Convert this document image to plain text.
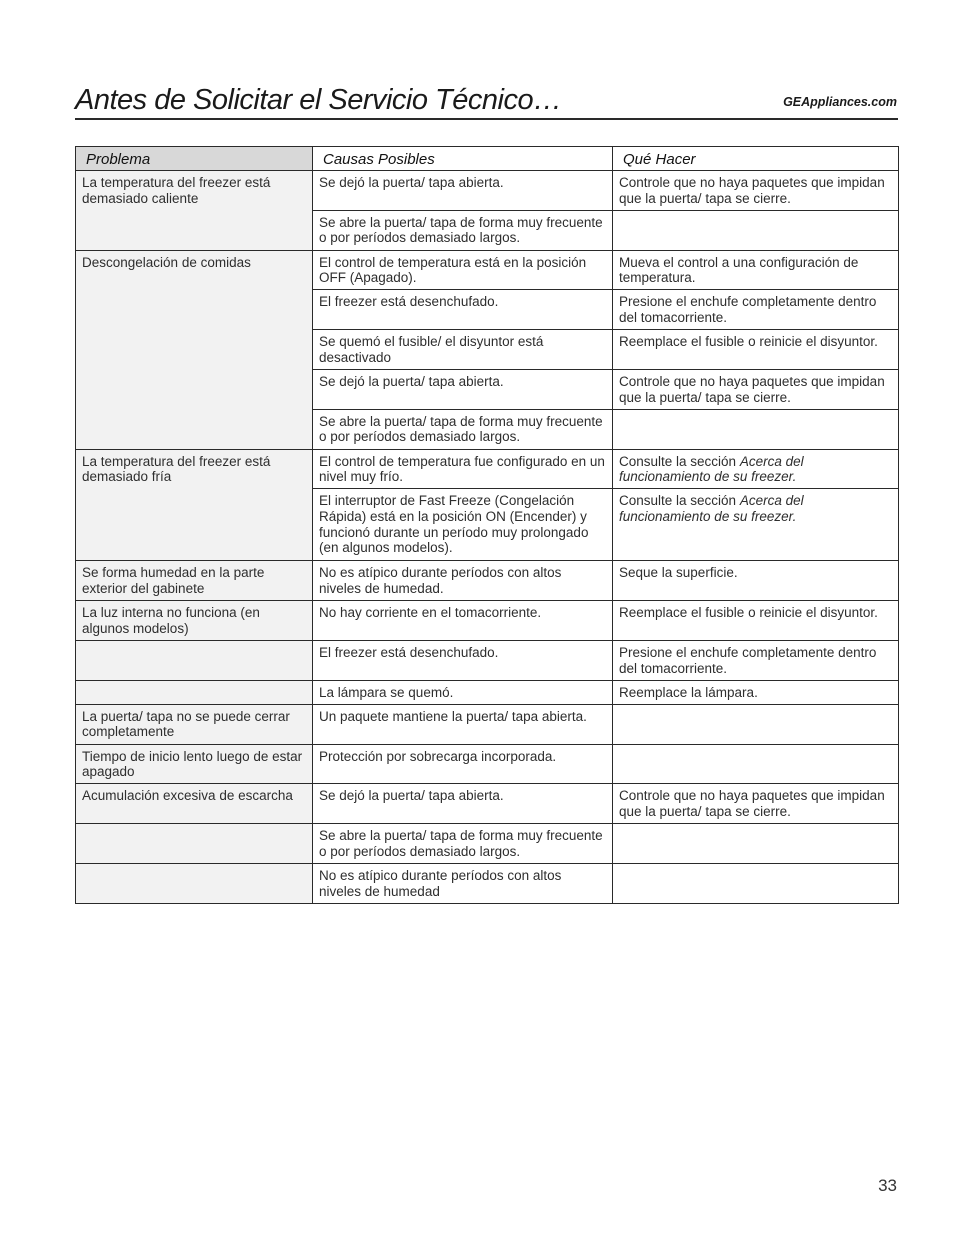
Antes de Solicitar el Servicio Técnico…	GEAppliances.com
Problema	Causas Posibles	Qué Hacer
La temperatura del freezer está demasiado caliente	Se dejó la puerta/ tapa abierta.	Controle que no haya paquetes que impidan que la puerta/ tapa se cierre.
	Se abre la puerta/ tapa de forma muy frecuente o por períodos demasiado largos.	
Descongelación de comidas	El control de temperatura está en la posición OFF (Apagado).	Mueva el control a una configuración de temperatura.
	El freezer está desenchufado.	Presione el enchufe completamente dentro del tomacorriente.
	Se quemó el fusible/ el disyuntor está desactivado	Reemplace el fusible o reinicie el disyuntor.
	Se dejó la puerta/ tapa abierta.	Controle que no haya paquetes que impidan que la puerta/ tapa se cierre.
	Se abre la puerta/ tapa de forma muy frecuente o por períodos demasiado largos.	
La temperatura del freezer está demasiado fría	El control de temperatura fue configurado en un nivel muy frío.	Consulte la sección Acerca del funcionamiento de su freezer.
	El interruptor de Fast Freeze (Congelación Rápida) está en la posición ON (Encender) y funcionó durante un período muy prolongado (en algunos modelos).	Consulte la sección Acerca del funcionamiento de su freezer.
Se forma humedad en la parte exterior del gabinete	No es atípico durante períodos con altos niveles de humedad.	Seque la superficie.
La luz interna no funciona (en algunos modelos)	No hay corriente en el tomacorriente.	Reemplace el fusible o reinicie el disyuntor.
	El freezer está desenchufado.	Presione el enchufe completamente dentro del tomacorriente.
	La lámpara se quemó.	Reemplace la lámpara.
La puerta/ tapa no se puede cerrar completamente	Un paquete mantiene la puerta/ tapa abierta.	
Tiempo de inicio lento luego de estar apagado	Protección por sobrecarga incorporada.	
Acumulación excesiva de escarcha	Se dejó la puerta/ tapa abierta.	Controle que no haya paquetes que impidan que la puerta/ tapa se cierre.
	Se abre la puerta/ tapa de forma muy frecuente o por períodos demasiado largos.	
	No es atípico durante períodos con altos niveles de humedad	
33
